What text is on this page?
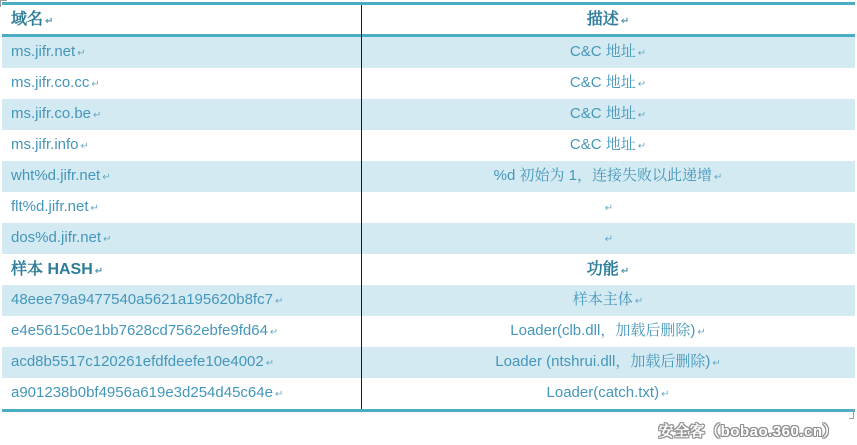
域名 ↵	描述 ↵
ms.jifr.net ↵	C&C 地址 ↵
ms.jifr.co.cc ↵	C&C 地址 ↵
ms.jifr.co.be ↵	C&C 地址 ↵
ms.jifr.info ↵	C&C 地址 ↵
wht%d.jifr.net ↵	%d 初始为 1，连接失败以此递增 ↵
flt%d.jifr.net ↵	↵
dos%d.jifr.net ↵	↵
样本 HASH ↵	功能 ↵
48eee79a9477540a5621a195620b8fc7 ↵	样本主体 ↵
e4e5615c0e1bb7628cd7562ebfe9fd64 ↵	Loader(clb.dll，加载后删除) ↵
acd8b5517c120261efdfdeefe10e4002 ↵	Loader (ntshrui.dll，加载后删除) ↵
a901238b0bf4956a619e3d254d45c64e ↵	Loader(catch.txt) ↵
安全客（bobao.360.cn）
